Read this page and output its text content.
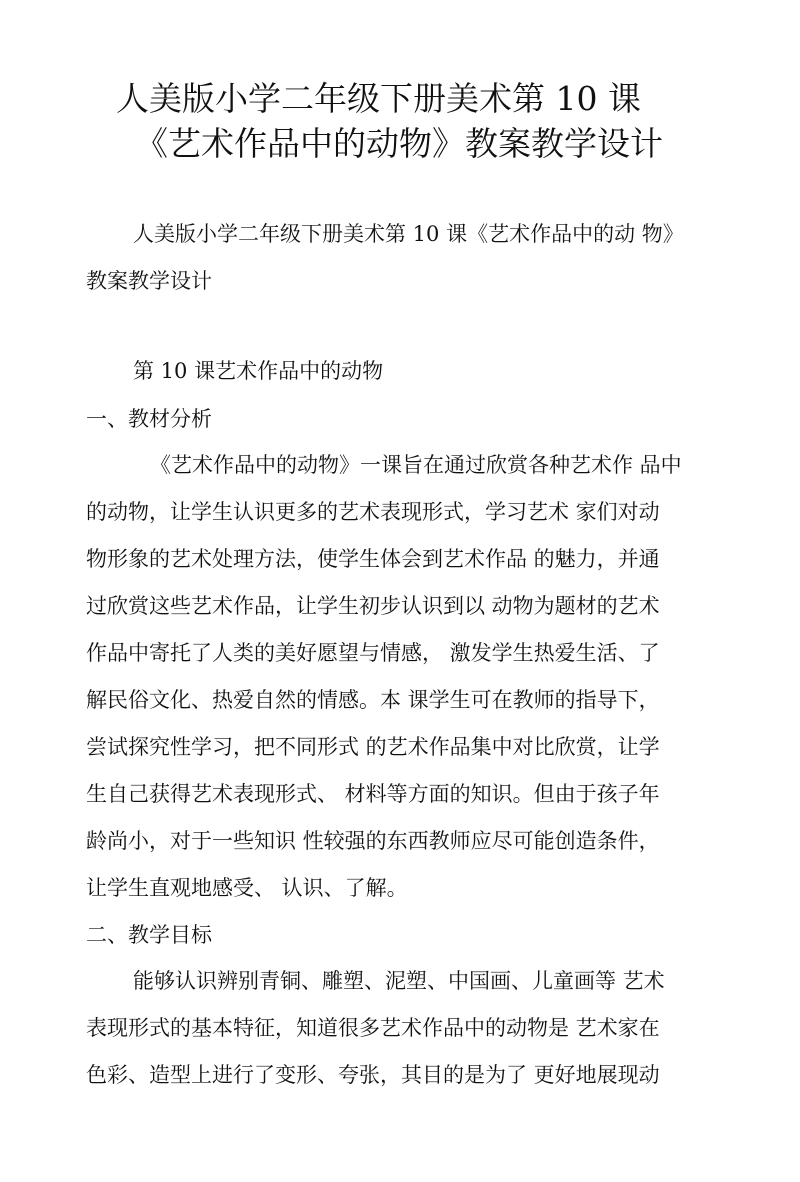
人美版小学二年级下册美术第 10 课
《艺术作品中的动物》教案教学设计

人美版小学二年级下册美术第 10 课《艺术作品中的动 物》

教案教学设计

第 10 课艺术作品中的动物

一、教材分析

《艺术作品中的动物》一课旨在通过欣赏各种艺术作 品中

的动物，让学生认识更多的艺术表现形式，学习艺术 家们对动

物形象的艺术处理方法，使学生体会到艺术作品 的魅力，并通

过欣赏这些艺术作品，让学生初步认识到以 动物为题材的艺术

作品中寄托了人类的美好愿望与情感， 激发学生热爱生活、了

解民俗文化、热爱自然的情感。本 课学生可在教师的指导下，

尝试探究性学习，把不同形式 的艺术作品集中对比欣赏，让学

生自己获得艺术表现形式、 材料等方面的知识。但由于孩子年

龄尚小，对于一些知识 性较强的东西教师应尽可能创造条件，

让学生直观地感受、 认识、了解。

二、教学目标

能够认识辨别青铜、雕塑、泥塑、中国画、儿童画等 艺术

表现形式的基本特征，知道很多艺术作品中的动物是 艺术家在

色彩、造型上进行了变形、夸张，其目的是为了 更好地展现动
